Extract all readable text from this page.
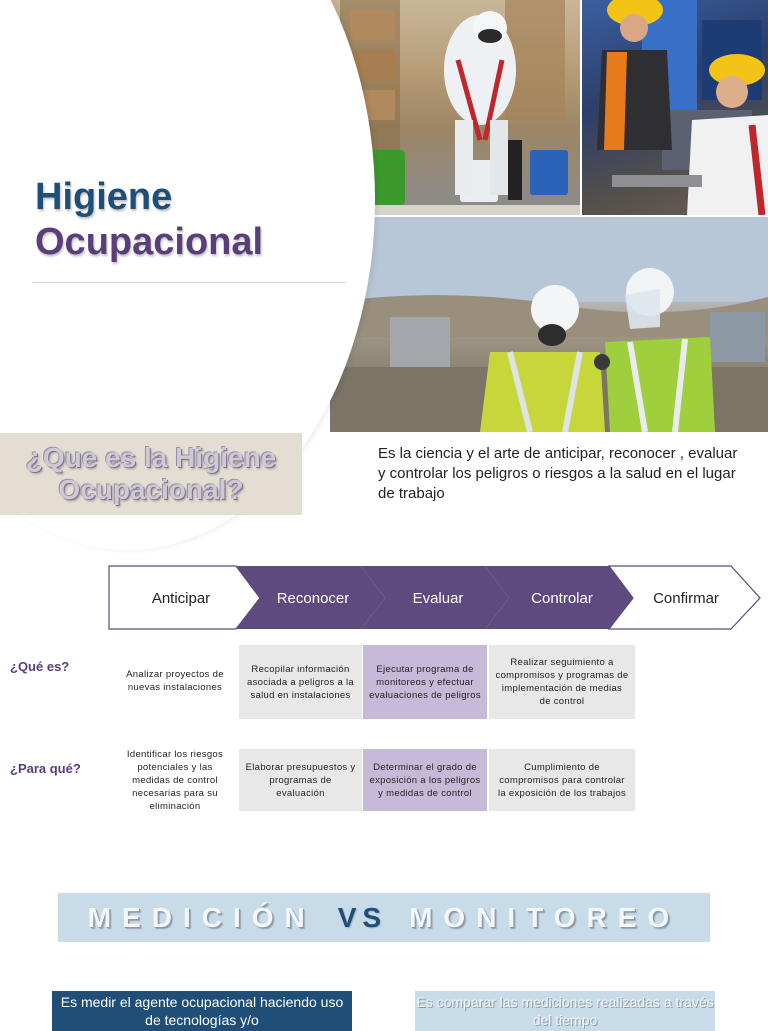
Higiene
Ocupacional
¿Que es la Higiene Ocupacional?
Es la ciencia y el arte de anticipar, reconocer , evaluar y controlar los peligros o riesgos a la salud en el lugar de trabajo
Anticipar	Reconocer	Evaluar	Controlar	Confirmar
¿Qué es?
Analizar proyectos de nuevas instalaciones
Recopilar información asociada a peligros a la salud en instalaciones
Ejecutar programa de monitoreos y efectuar evaluaciones de peligros
Realizar seguimiento a compromisos y programas de implementación de medias de control
¿Para qué?
Identificar los riesgos potenciales y las medidas de control necesarias para su eliminación
Elaborar presupuestos y programas de evaluación
Determinar el grado de exposición a los peligros y medidas de control
Cumplimiento de compromisos para controlar la exposición de los trabajos
MEDICIÓN VS MONITOREO
Es medir el agente ocupacional haciendo uso de tecnologías y/o
Es comparar las mediciones realizadas a través del tiempo
